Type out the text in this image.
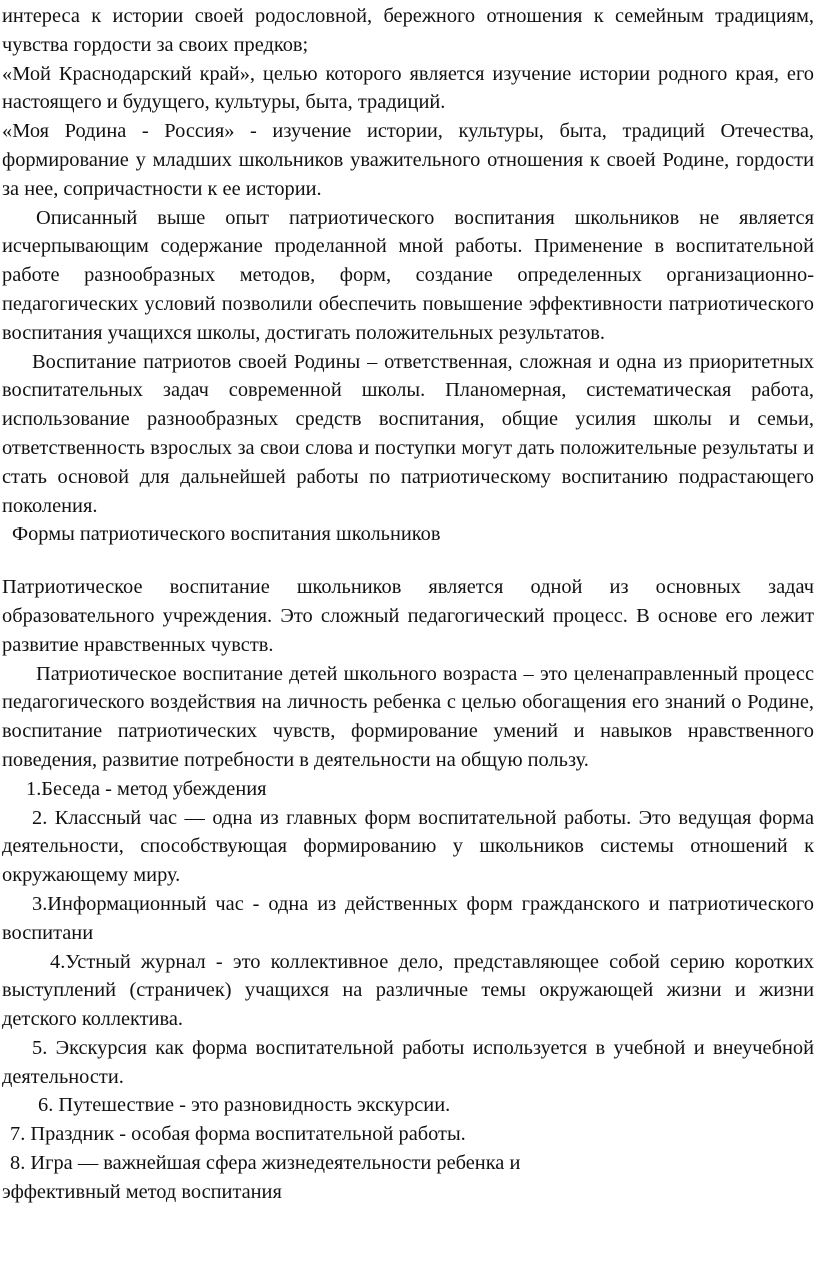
интереса к истории своей родословной, бережного отношения к семейным традициям, чувства гордости за своих предков;

«Мой Краснодарский край», целью которого является изучение истории родного края, его настоящего и будущего, культуры, быта, традиций.

«Моя Родина - Россия» - изучение истории, культуры, быта, традиций Отечества, формирование у младших школьников уважительного отношения к своей Родине, гордости за нее, сопричастности к ее истории.

Описанный выше опыт патриотического воспитания школьников не является исчерпывающим содержание проделанной мной работы. Применение в воспитательной работе разнообразных методов, форм, создание определенных организационно-педагогических условий позволили обеспечить повышение эффективности патриотического воспитания учащихся школы, достигать положительных результатов.

Воспитание патриотов своей Родины – ответственная, сложная и одна из приоритетных воспитательных задач современной школы. Планомерная, систематическая работа, использование разнообразных средств воспитания, общие усилия школы и семьи, ответственность взрослых за свои слова и поступки могут дать положительные результаты и стать основой для дальнейшей работы по патриотическому воспитанию подрастающего поколения.

Формы патриотического воспитания школьников

Патриотическое воспитание школьников является одной из основных задач образовательного учреждения. Это сложный педагогический процесс. В основе его лежит развитие нравственных чувств.

Патриотическое воспитание детей школьного возраста – это целенаправленный процесс педагогического воздействия на личность ребенка с целью обогащения его знаний о Родине, воспитание патриотических чувств, формирование умений и навыков нравственного поведения, развитие потребности в деятельности на общую пользу.

1.Беседа - метод убеждения

2. Классный час — одна из главных форм воспитательной работы. Это ведущая форма деятельности, способствующая формированию у школьников системы отношений к окружающему миру.

3.Информационный час - одна из действенных форм гражданского и патриотического воспитани

4.Устный журнал - это коллективное дело, представляющее собой серию коротких выступлений (страничек) учащихся на различные темы окружающей жизни и жизни детского коллектива.

5. Экскурсия как форма воспитательной работы используется в учебной и внеучебной деятельности.

6. Путешествие - это разновидность экскурсии.

7. Праздник - особая форма воспитательной работы.

8. Игра — важнейшая сфера жизнедеятельности ребенка и

эффективный метод воспитания
